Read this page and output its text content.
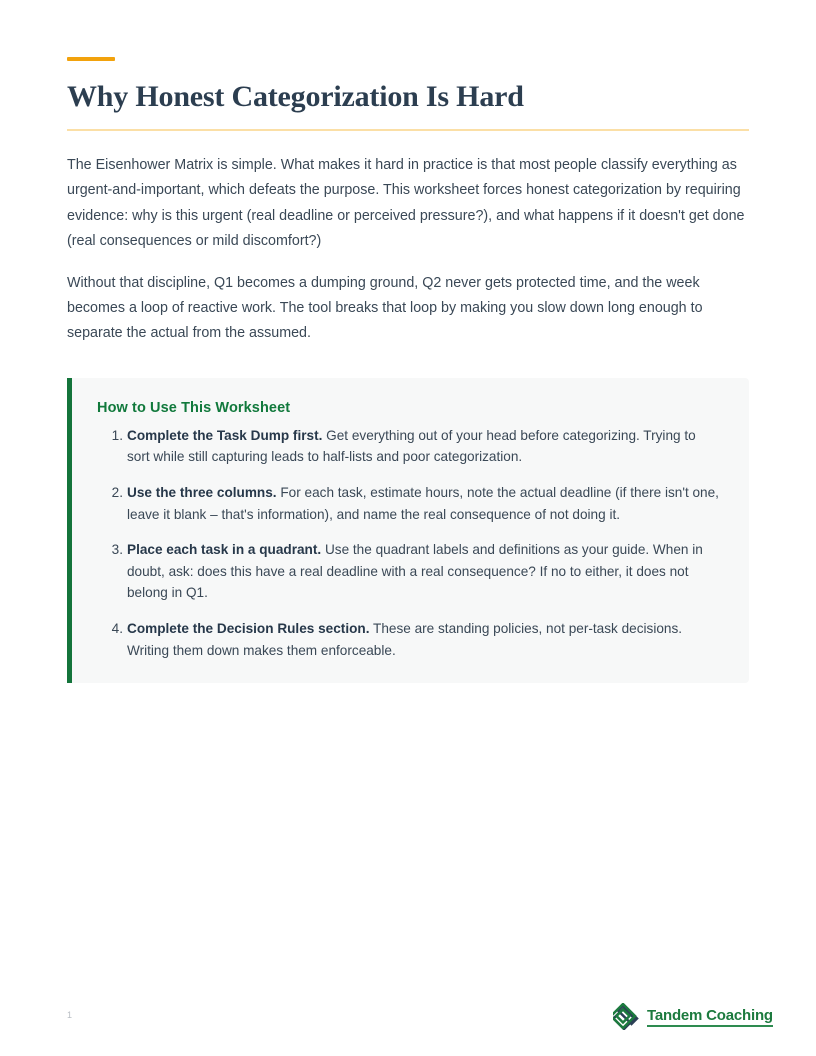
Why Honest Categorization Is Hard

The Eisenhower Matrix is simple. What makes it hard in practice is that most people classify everything as urgent-and-important, which defeats the purpose. This worksheet forces honest categorization by requiring evidence: why is this urgent (real deadline or perceived pressure?), and what happens if it doesn't get done (real consequences or mild discomfort?)

Without that discipline, Q1 becomes a dumping ground, Q2 never gets protected time, and the week becomes a loop of reactive work. The tool breaks that loop by making you slow down long enough to separate the actual from the assumed.

How to Use This Worksheet
Complete the Task Dump first. Get everything out of your head before categorizing. Trying to sort while still capturing leads to half-lists and poor categorization.
Use the three columns. For each task, estimate hours, note the actual deadline (if there isn't one, leave it blank – that's information), and name the real consequence of not doing it.
Place each task in a quadrant. Use the quadrant labels and definitions as your guide. When in doubt, ask: does this have a real deadline with a real consequence? If no to either, it does not belong in Q1.
Complete the Decision Rules section. These are standing policies, not per-task decisions. Writing them down makes them enforceable.
1	Tandem Coaching
